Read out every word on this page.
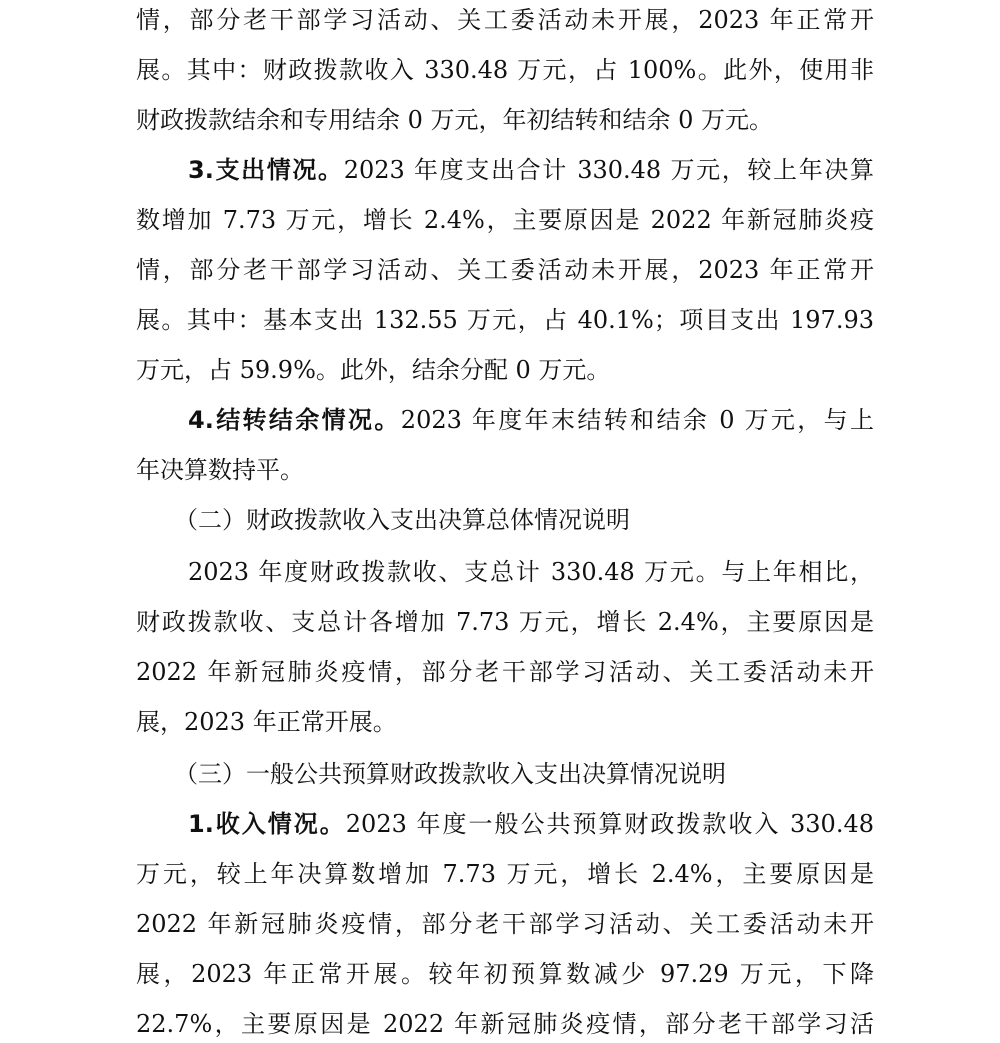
情，部分老干部学习活动、关工委活动未开展，2023 年正常开
展。其中：财政拨款收入 330.48 万元，占 100%。此外，使用非
财政拨款结余和专用结余 0 万元，年初结转和结余 0 万元。
3.支出情况。2023 年度支出合计 330.48 万元，较上年决算
数增加 7.73 万元，增长 2.4%，主要原因是 2022 年新冠肺炎疫
情，部分老干部学习活动、关工委活动未开展，2023 年正常开
展。其中：基本支出 132.55 万元，占 40.1%；项目支出 197.93
万元，占 59.9%。此外，结余分配 0 万元。
4.结转结余情况。2023 年度年末结转和结余 0 万元，与上
年决算数持平。
（二）财政拨款收入支出决算总体情况说明
2023 年度财政拨款收、支总计 330.48 万元。与上年相比，
财政拨款收、支总计各增加 7.73 万元，增长 2.4%，主要原因是
2022 年新冠肺炎疫情，部分老干部学习活动、关工委活动未开
展，2023 年正常开展。
（三）一般公共预算财政拨款收入支出决算情况说明
1.收入情况。2023 年度一般公共预算财政拨款收入 330.48
万元，较上年决算数增加 7.73 万元，增长 2.4%，主要原因是
2022 年新冠肺炎疫情，部分老干部学习活动、关工委活动未开
展，2023 年正常开展。较年初预算数减少 97.29 万元，下降
22.7%，主要原因是 2022 年新冠肺炎疫情，部分老干部学习活
